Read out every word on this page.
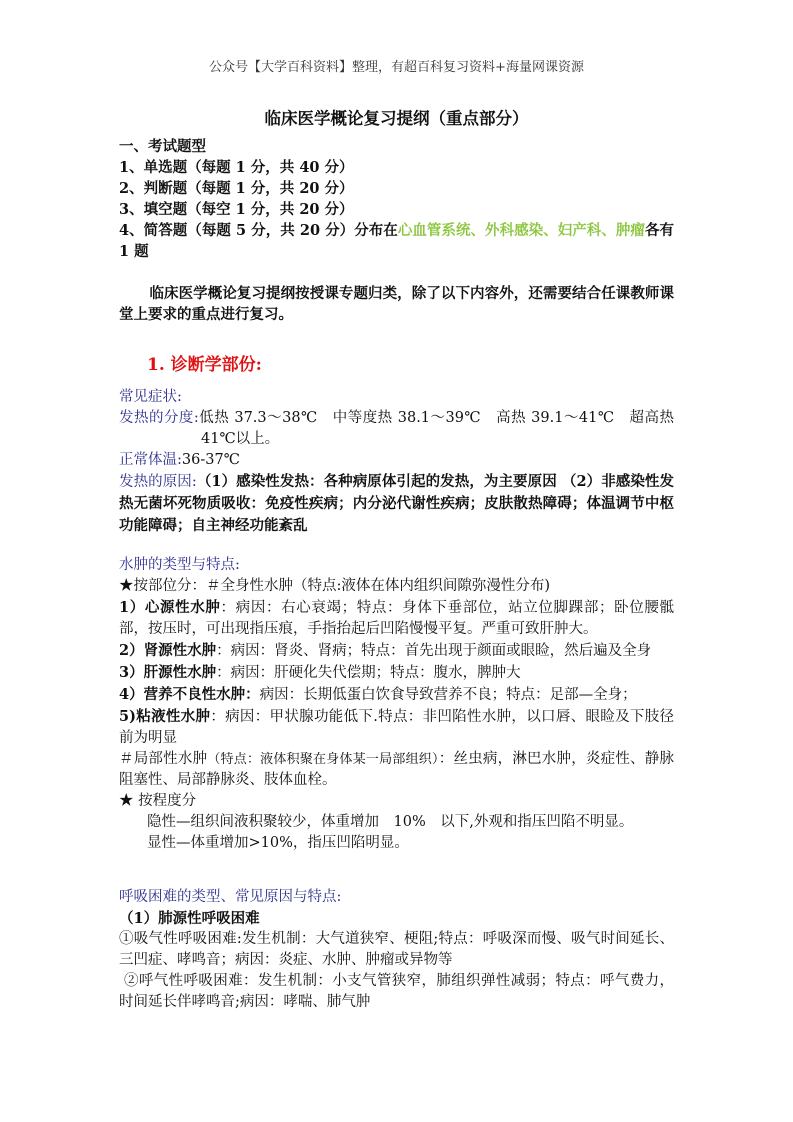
公众号【大学百科资料】整理，有超百科复习资料+海量网课资源
临床医学概论复习提纲（重点部分）

一、考试题型

1、单选题（每题 1 分，共 40 分）

2、判断题（每题 1 分，共 20 分）

3、填空题（每空 1 分，共 20 分）

4、简答题（每题 5 分，共 20 分）分布在心血管系统、外科感染、妇产科、肿瘤各有 1 题

临床医学概论复习提纲按授课专题归类，除了以下内容外，还需要结合任课教师课堂上要求的重点进行复习。
1. 诊断学部份:

常见症状:

发热的分度:低热 37.3～38℃　中等度热 38.1～39℃　高热 39.1～41℃　超高热 41℃以上。

正常体温:36-37℃

发热的原因:（1）感染性发热：各种病原体引起的发热，为主要原因 （2）非感染性发热无菌坏死物质吸收：免疫性疾病；内分泌代谢性疾病；皮肤散热障碍；体温调节中枢功能障碍；自主神经功能紊乱

水肿的类型与特点:

★按部位分：＃全身性水肿（特点:液体在体内组织间隙弥漫性分布)

1）心源性水肿：病因：右心衰竭；特点：身体下垂部位，站立位脚踝部；卧位腰骶部，按压时，可出现指压痕，手指抬起后凹陷慢慢平复。严重可致肝肿大。

2）肾源性水肿：病因：肾炎、肾病；特点：首先出现于颜面或眼睑，然后遍及全身

3）肝源性水肿：病因：肝硬化失代偿期；特点：腹水，脾肿大

4）营养不良性水肿：病因：长期低蛋白饮食导致营养不良；特点：足部—全身；

5)粘液性水肿：病因：甲状腺功能低下.特点：非凹陷性水肿，以口唇、眼睑及下肢径前为明显

＃局部性水肿（特点：液体积聚在身体某一局部组织）：丝虫病，淋巴水肿，炎症性、静脉阻塞性、局部静脉炎、肢体血栓。

★ 按程度分

隐性—组织间液积聚较少，体重增加　10%　以下,外观和指压凹陷不明显。

显性—体重增加>10%，指压凹陷明显。

呼吸困难的类型、常见原因与特点:

（1）肺源性呼吸困难

①吸气性呼吸困难:发生机制：大气道狭窄、梗阻;特点：呼吸深而慢、吸气时间延长、三凹症、哮鸣音；病因：炎症、水肿、肿瘤或异物等

②呼气性呼吸困难：发生机制：小支气管狭窄，肺组织弹性减弱；特点：呼气费力，时间延长伴哮鸣音;病因：哮喘、肺气肿
